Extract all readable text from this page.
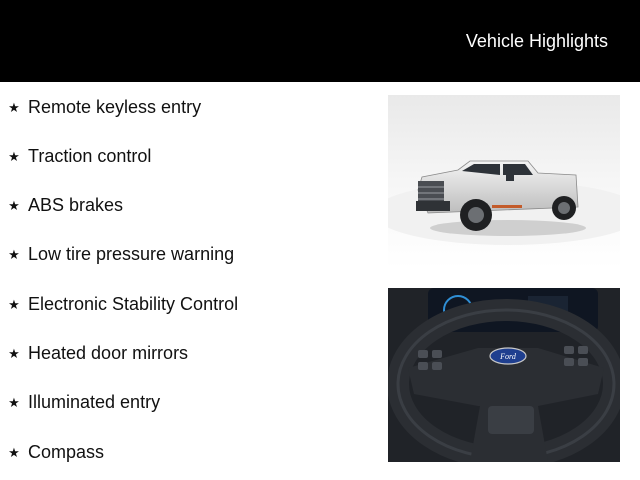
Vehicle Highlights
★ Remote keyless entry
★ Traction control
★ ABS brakes
★ Low tire pressure warning
★ Electronic Stability Control
★ Heated door mirrors
★ Illuminated entry
★ Compass
Ford
